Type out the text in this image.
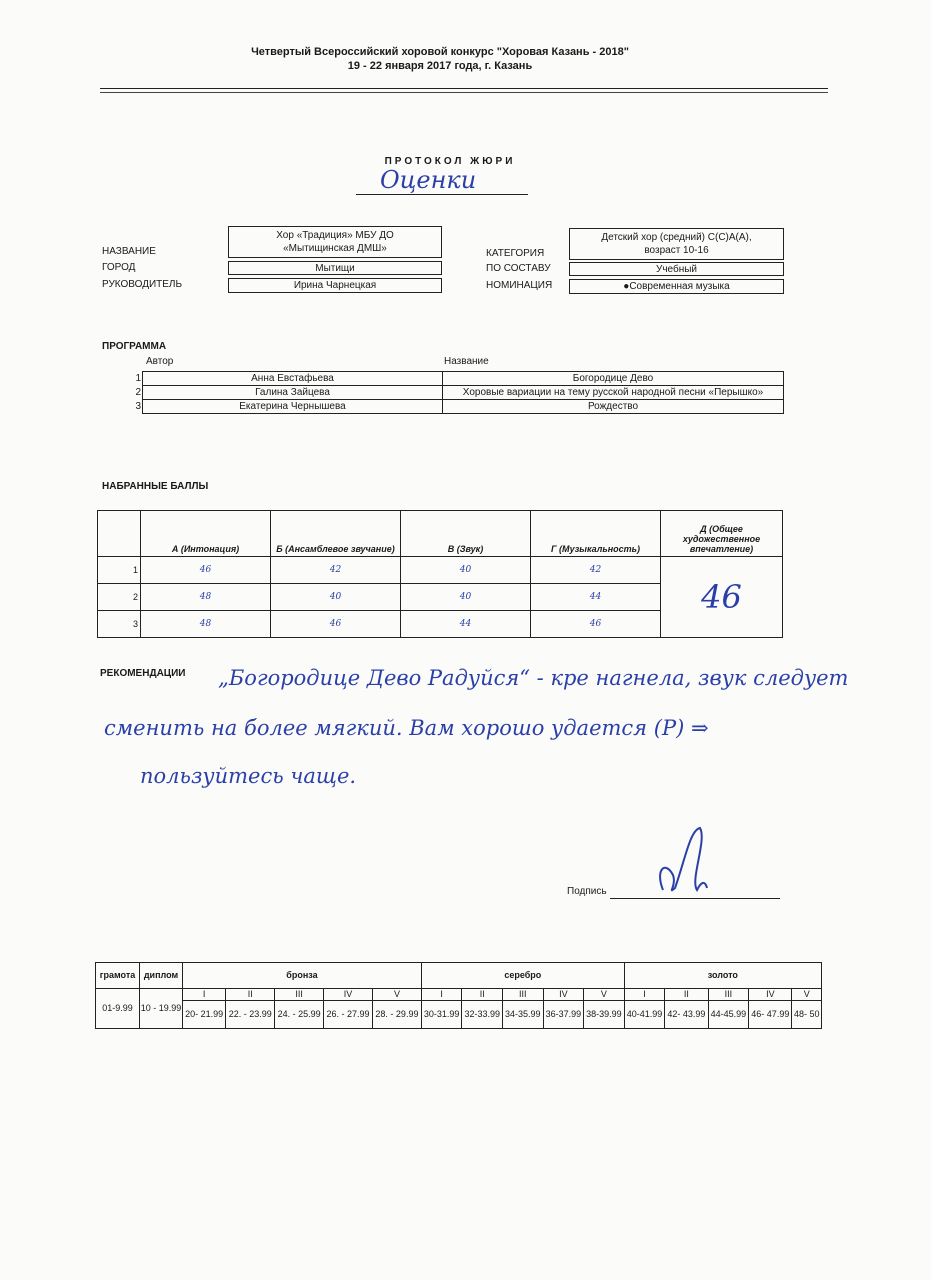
Четвертый Всероссийский хоровой конкурс "Хоровая Казань - 2018"
19 - 22 января 2017 года, г. Казань
ПРОТОКОЛ ЖЮРИ
Оценки
НАЗВАНИЕ
Хор «Традиция» МБУ ДО
«Мытищинская ДМШ»
ГОРОД	Мытищи
РУКОВОДИТЕЛЬ	Ирина Чарнецкая
КАТЕГОРИЯ
Детский хор (средний) С(С)А(А),
возраст 10-16
ПО СОСТАВУ	Учебный
НОМИНАЦИЯ	●Современная музыка
ПРОГРАММА
Автор	Название
1	Анна Евстафьева	Богородице Дево
2	Галина Зайцева	Хоровые вариации на тему русской народной песни «Перышко»
3	Екатерина Чернышева	Рождество
НАБРАННЫЕ БАЛЛЫ
	А (Интонация)	Б (Ансамблевое звучание)	В (Звук)	Г (Музыкальность)	Д (Общее художественное впечатление)
1	46	42	40	42	46
2	48	40	40	44	
3	48	46	44	46	
РЕКОМЕНДАЦИИ „Богородице Дево Радуйся“ - кре нагнела, звук следует
сменить на более мягкий. Вам хорошо удается (P) ⇒
пользуйтесь чаще.
Подпись
грамота	диплом	бронза					серебро					золото				
01-9.99	10 - 19.99	I	II	III	IV	V	I	II	III	IV	V	I	II	III	IV	V
		20- 21.99	22. - 23.99	24. - 25.99	26. - 27.99	28. - 29.99	30-31.99	32-33.99	34-35.99	36-37.99	38-39.99	40-41.99	42- 43.99	44-45.99	46- 47.99	48- 50
